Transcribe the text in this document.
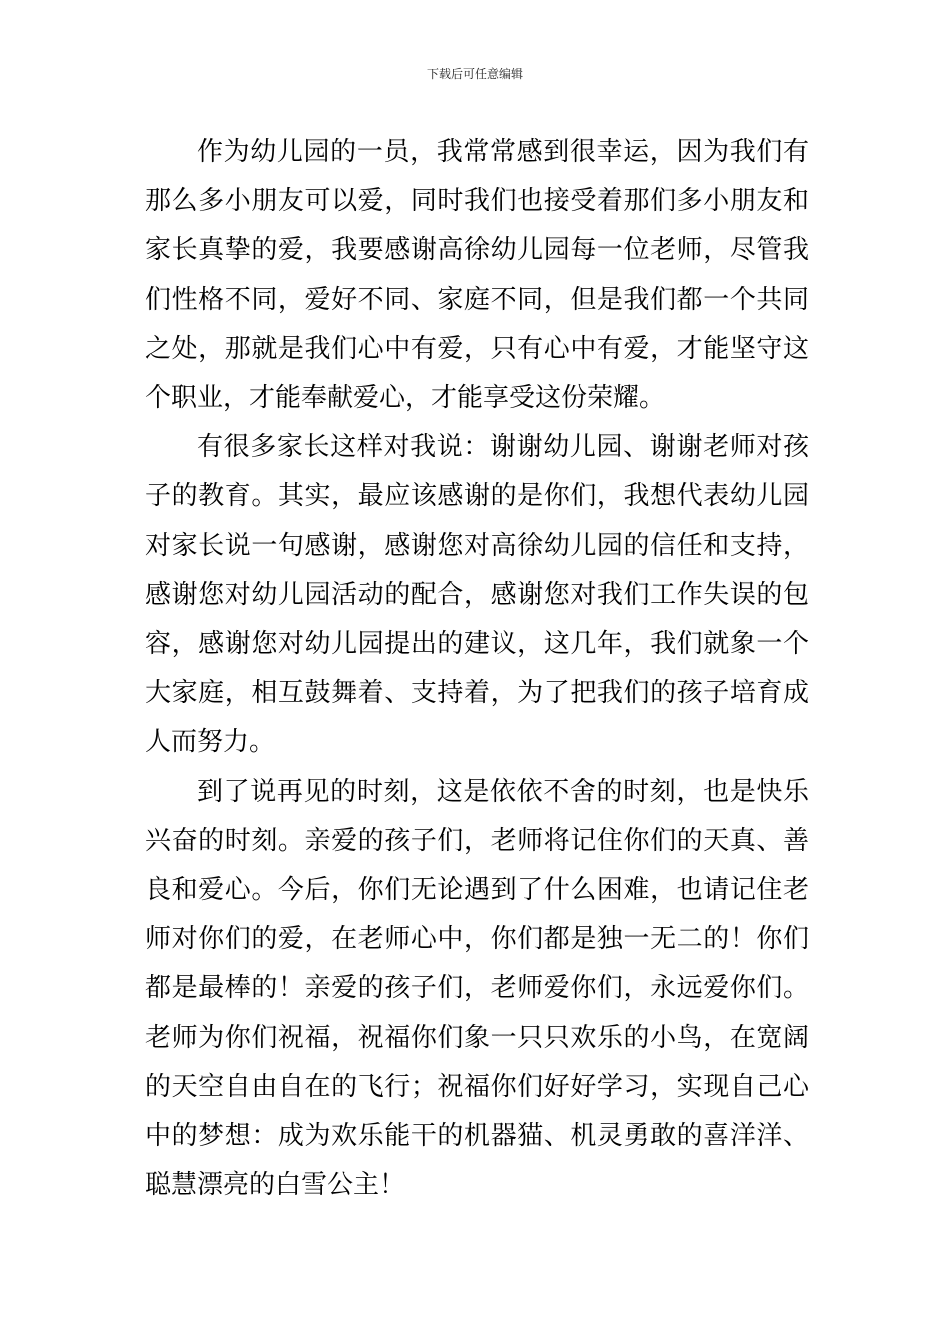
下载后可任意编辑
作为幼儿园的一员，我常常感到很幸运，因为我们有
那么多小朋友可以爱，同时我们也接受着那们多小朋友和
家长真挚的爱，我要感谢高徐幼儿园每一位老师，尽管我
们性格不同，爱好不同、家庭不同，但是我们都一个共同
之处，那就是我们心中有爱，只有心中有爱，才能坚守这
个职业，才能奉献爱心，才能享受这份荣耀。
有很多家长这样对我说：谢谢幼儿园、谢谢老师对孩
子的教育。其实，最应该感谢的是你们，我想代表幼儿园
对家长说一句感谢，感谢您对高徐幼儿园的信任和支持，
感谢您对幼儿园活动的配合，感谢您对我们工作失误的包
容，感谢您对幼儿园提出的建议，这几年，我们就象一个
大家庭，相互鼓舞着、支持着，为了把我们的孩子培育成
人而努力。
到了说再见的时刻，这是依依不舍的时刻，也是快乐
兴奋的时刻。亲爱的孩子们，老师将记住你们的天真、善
良和爱心。今后，你们无论遇到了什么困难，也请记住老
师对你们的爱，在老师心中，你们都是独一无二的！你们
都是最棒的！亲爱的孩子们，老师爱你们，永远爱你们。
老师为你们祝福，祝福你们象一只只欢乐的小鸟，在宽阔
的天空自由自在的飞行；祝福你们好好学习，实现自己心
中的梦想：成为欢乐能干的机器猫、机灵勇敢的喜洋洋、
聪慧漂亮的白雪公主！
